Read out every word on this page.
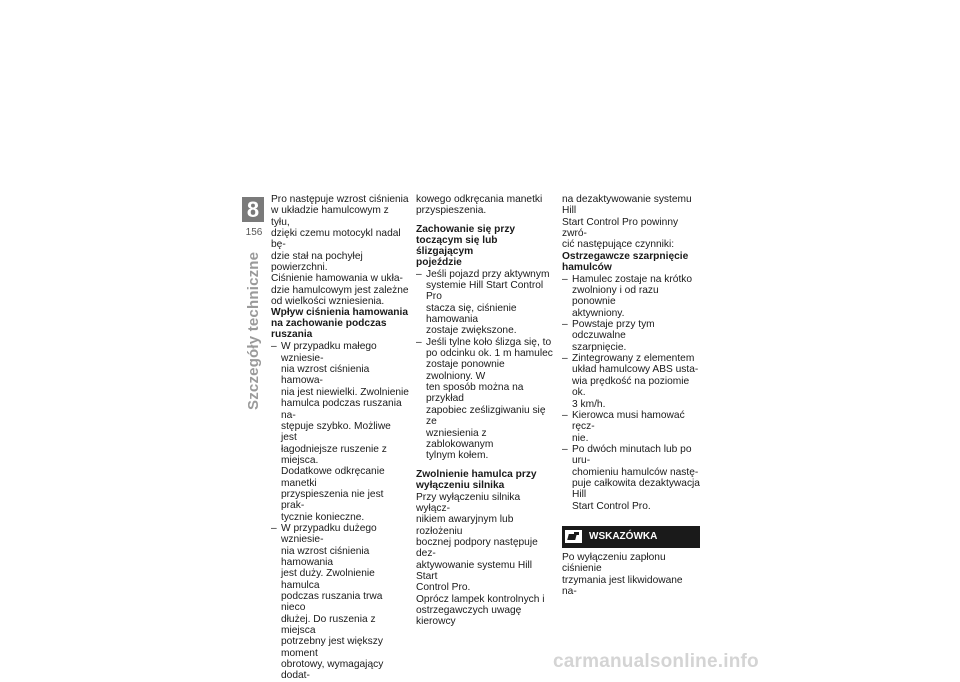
8
156
Szczegóły techniczne

Pro następuje wzrost ciśnienia
w układzie hamulcowym z tyłu,
dzięki czemu motocykl nadal bę-
dzie stał na pochyłej powierzchni.
Ciśnienie hamowania w ukła-
dzie hamulcowym jest zależne
od wielkości wzniesienia.

Wpływ ciśnienia hamowania
na zachowanie podczas
ruszania

– W przypadku małego wzniesie-
nia wzrost ciśnienia hamowa-
nia jest niewielki. Zwolnienie
hamulca podczas ruszania na-
stępuje szybko. Możliwe jest
łagodniejsze ruszenie z miejsca.
Dodatkowe odkręcanie manetki
przyspieszenia nie jest prak-
tycznie konieczne.
– W przypadku dużego wzniesie-
nia wzrost ciśnienia hamowania
jest duży. Zwolnienie hamulca
podczas ruszania trwa nieco
dłużej. Do ruszenia z miejsca
potrzebny jest większy moment
obrotowy, wymagający dodat-

kowego odkręcania manetki
przyspieszenia.

Zachowanie się przy
toczącym się lub ślizgającym
pojeździe

– Jeśli pojazd przy aktywnym
systemie Hill Start Control Pro
stacza się, ciśnienie hamowania
zostaje zwiększone.
– Jeśli tylne koło ślizga się, to
po odcinku ok. 1 m hamulec
zostaje ponownie zwolniony. W
ten sposób można na przykład
zapobiec ześlizgiwaniu się ze
wzniesienia z zablokowanym
tylnym kołem.

Zwolnienie hamulca przy
wyłączeniu silnika

Przy wyłączeniu silnika wyłącz-
nikiem awaryjnym lub rozłożeniu
bocznej podpory następuje dez-
aktywowanie systemu Hill Start
Control Pro.

Oprócz lampek kontrolnych i
ostrzegawczych uwagę kierowcy

na dezaktywowanie systemu Hill
Start Control Pro powinny zwró-
cić następujące czynniki:

Ostrzegawcze szarpnięcie
hamulców

– Hamulec zostaje na krótko
zwolniony i od razu ponownie
aktywniony.
– Powstaje przy tym odczuwalne
szarpnięcie.
– Zintegrowany z elementem
układ hamulcowy ABS usta-
wia prędkość na poziomie ok.
3 km/h.
– Kierowca musi hamować ręcz-
nie.
– Po dwóch minutach lub po uru-
chomieniu hamulców nastę-
puje całkowita dezaktywacja Hill
Start Control Pro.
WSKAZÓWKA

Po wyłączeniu zapłonu ciśnienie
trzymania jest likwidowane na-

carmanualsonline.info
